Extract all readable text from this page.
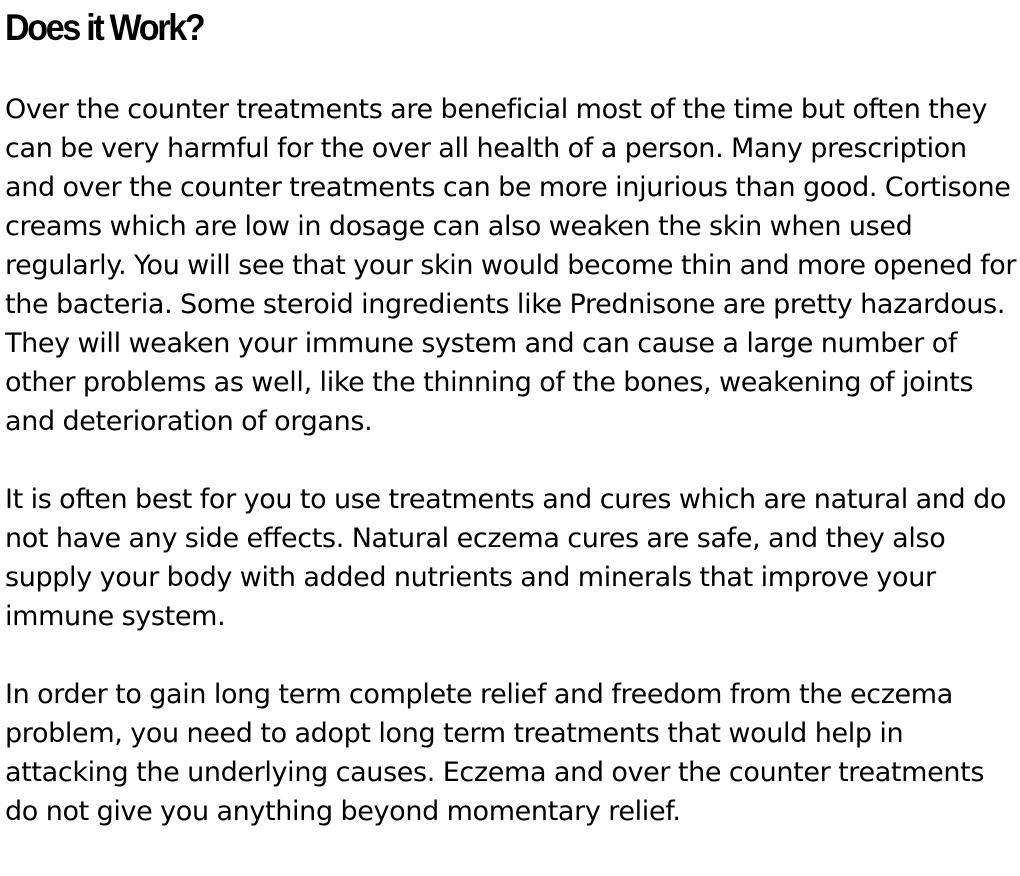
Does it Work?

Over the counter treatments are beneficial most of the time but often they can be very harmful for the over all health of a person. Many prescription and over the counter treatments can be more injurious than good. Cortisone creams which are low in dosage can also weaken the skin when used regularly. You will see that your skin would become thin and more opened for the bacteria. Some steroid ingredients like Prednisone are pretty hazardous. They will weaken your immune system and can cause a large number of other problems as well, like the thinning of the bones, weakening of joints and deterioration of organs.

It is often best for you to use treatments and cures which are natural and do not have any side effects. Natural eczema cures are safe, and they also supply your body with added nutrients and minerals that improve your immune system.

In order to gain long term complete relief and freedom from the eczema problem, you need to adopt long term treatments that would help in attacking the underlying causes. Eczema and over the counter treatments do not give you anything beyond momentary relief.
